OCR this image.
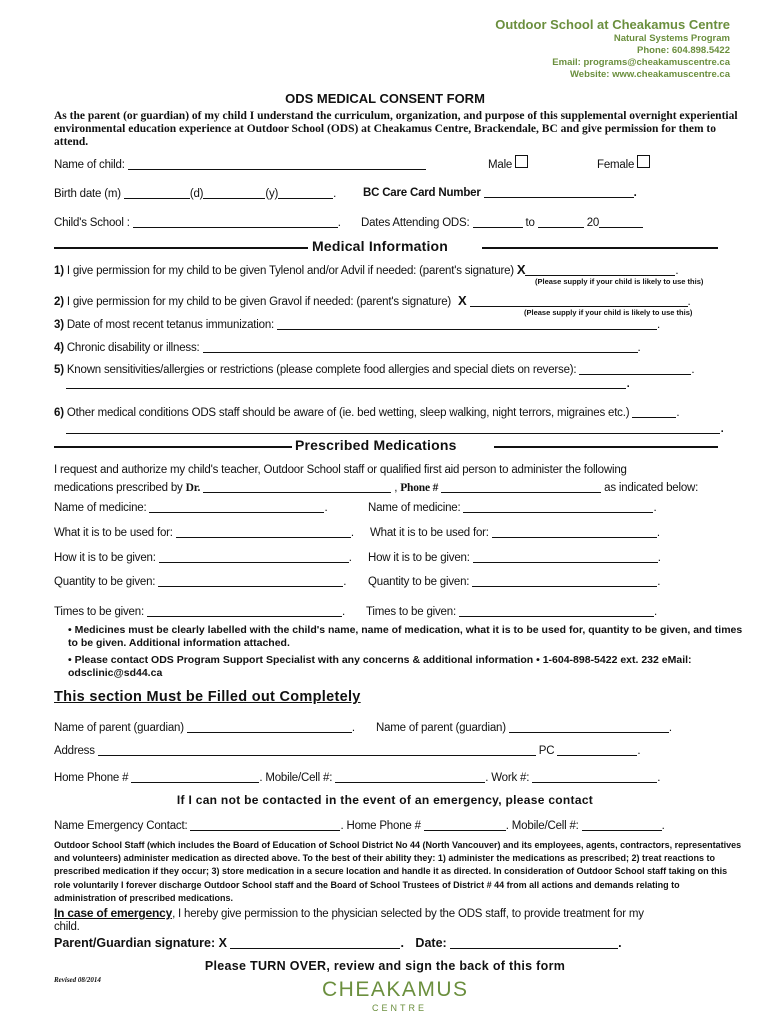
Outdoor School at Cheakamus Centre
Natural Systems Program
Phone: 604.898.5422
Email: programs@cheakamuscentre.ca
Website: www.cheakamuscentre.ca
ODS MEDICAL CONSENT FORM
As the parent (or guardian) of my child I understand the curriculum, organization, and purpose of this supplemental overnight experiential environmental education experience at Outdoor School (ODS) at Cheakamus Centre, Brackendale, BC and give permission for them to attend.
Name of child:	Male	Female
Birth date (m)	(d)	(y)	. BC Care Card Number	.
Child's School :	. Dates Attending ODS:	to	20
Medical Information
1) I give permission for my child to be given Tylenol and/or Advil if needed: (parent's signature) X	.
(Please supply if your child is likely to use this)
2) I give permission for my child to be given Gravol if needed: (parent's signature) X	.
(Please supply if your child is likely to use this)
3) Date of most recent tetanus immunization:	.
4) Chronic disability or illness:	.
5) Known sensitivities/allergies or restrictions (please complete food allergies and special diets on reverse):	.
.
6) Other medical conditions ODS staff should be aware of (ie. bed wetting, sleep walking, night terrors, migraines etc.)	.
.
Prescribed Medications
I request and authorize my child's teacher, Outdoor School staff or qualified first aid person to administer the following
medications prescribed by Dr.	, Phone #	as indicated below:
Name of medicine:	.	Name of medicine:	.
What it is to be used for:	. What it is to be used for:	.
How it is to be given:	. How it is to be given:	.
Quantity to be given:	. Quantity to be given:	.
Times to be given:	. Times to be given:	.
• Medicines must be clearly labelled with the child's name, name of medication, what it is to be used for, quantity to be given, and times to be given. Additional information attached.
• Please contact ODS Program Support Specialist with any concerns & additional information • 1-604-898-5422 ext. 232 eMail: odsclinic@sd44.ca
This section Must be Filled out Completely
Name of parent (guardian)	. Name of parent (guardian)	.
Address	PC	.
Home Phone #	. Mobile/Cell #:	. Work #:	.
If I can not be contacted in the event of an emergency, please contact
Name Emergency Contact:	. Home Phone #	. Mobile/Cell #:	.
Outdoor School Staff (which includes the Board of Education of School District No 44 (North Vancouver) and its employees, agents, contractors, representatives and volunteers) administer medication as directed above. To the best of their ability they: 1) administer the medications as prescribed; 2) treat reactions to prescribed medication if they occur; 3) store medication in a secure location and handle it as directed. In consideration of Outdoor School staff taking on this role voluntarily I forever discharge Outdoor School staff and the Board of School Trustees of District # 44 from all actions and demands relating to administration of prescribed medications.
In case of emergency, I hereby give permission to the physician selected by the ODS staff, to provide treatment for my
child.
Parent/Guardian signature: X	. Date:	.
Please TURN OVER, review and sign the back of this form
Revised 08/2014	CHEAKAMUS
CENTRE
